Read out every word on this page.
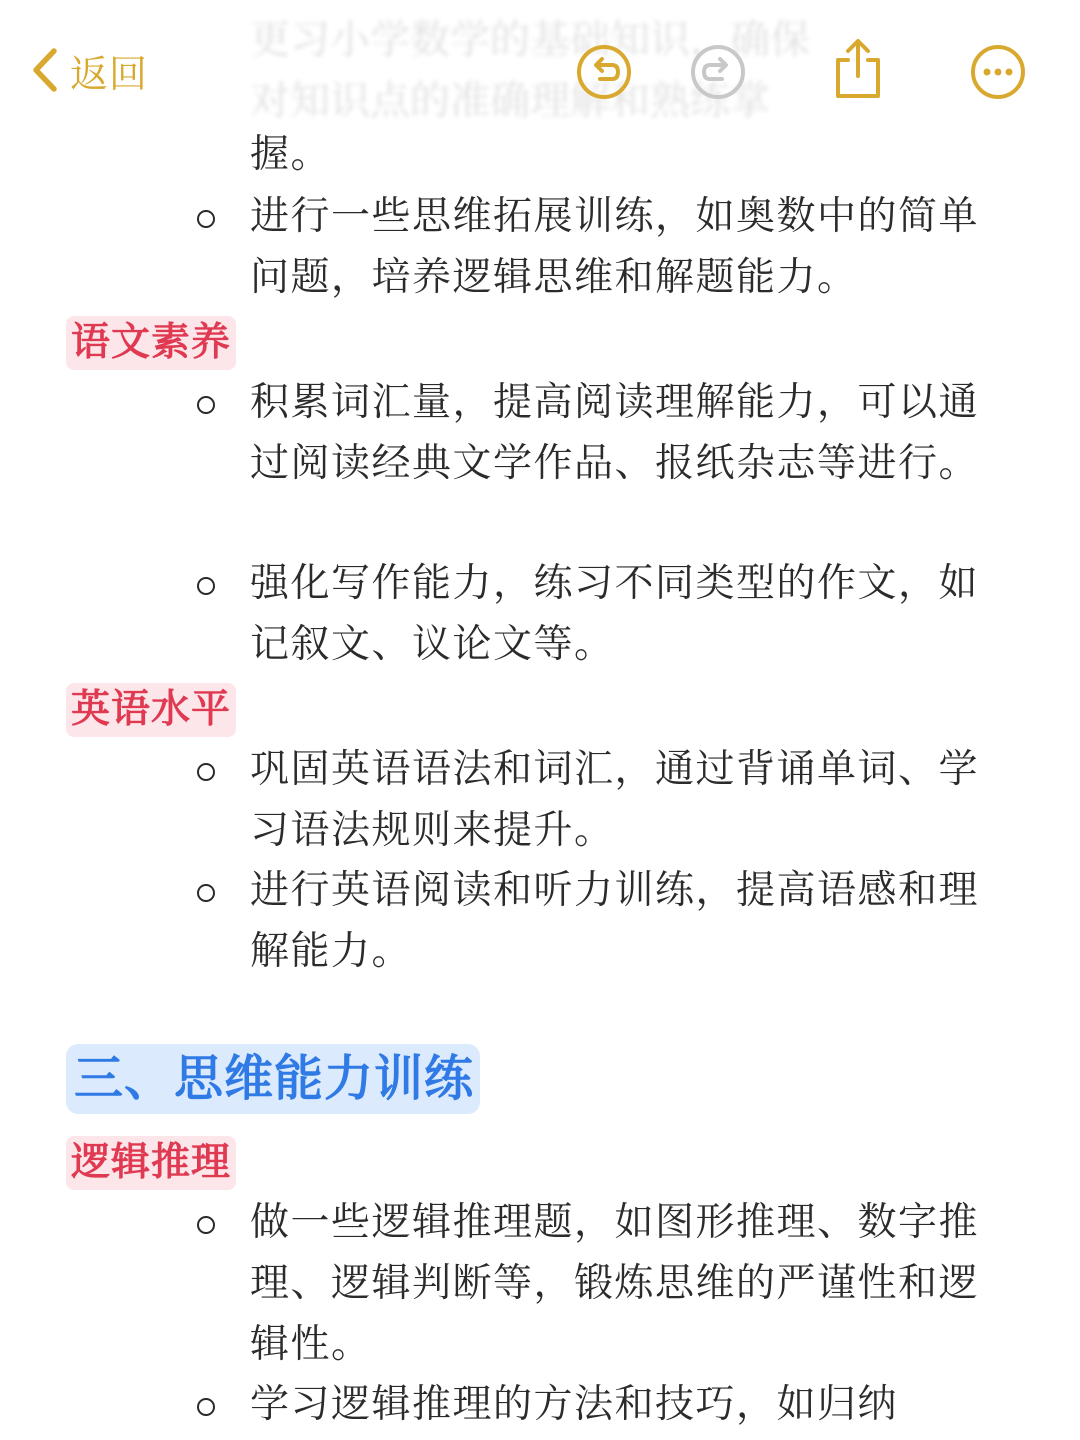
更习小学数学的基础知识，确保
对知识点的准确理解和熟练掌
返回
握。
进行一些思维拓展训练，如奥数中的简单问题，培养逻辑思维和解题能力。
语文素养
积累词汇量，提高阅读理解能力，可以通过阅读经典文学作品、报纸杂志等进行。
强化写作能力，练习不同类型的作文，如记叙文、议论文等。
英语水平
巩固英语语法和词汇，通过背诵单词、学习语法规则来提升。
进行英语阅读和听力训练，提高语感和理解能力。
三、思维能力训练
逻辑推理
做一些逻辑推理题，如图形推理、数字推理、逻辑判断等，锻炼思维的严谨性和逻辑性。
学习逻辑推理的方法和技巧，如归纳
